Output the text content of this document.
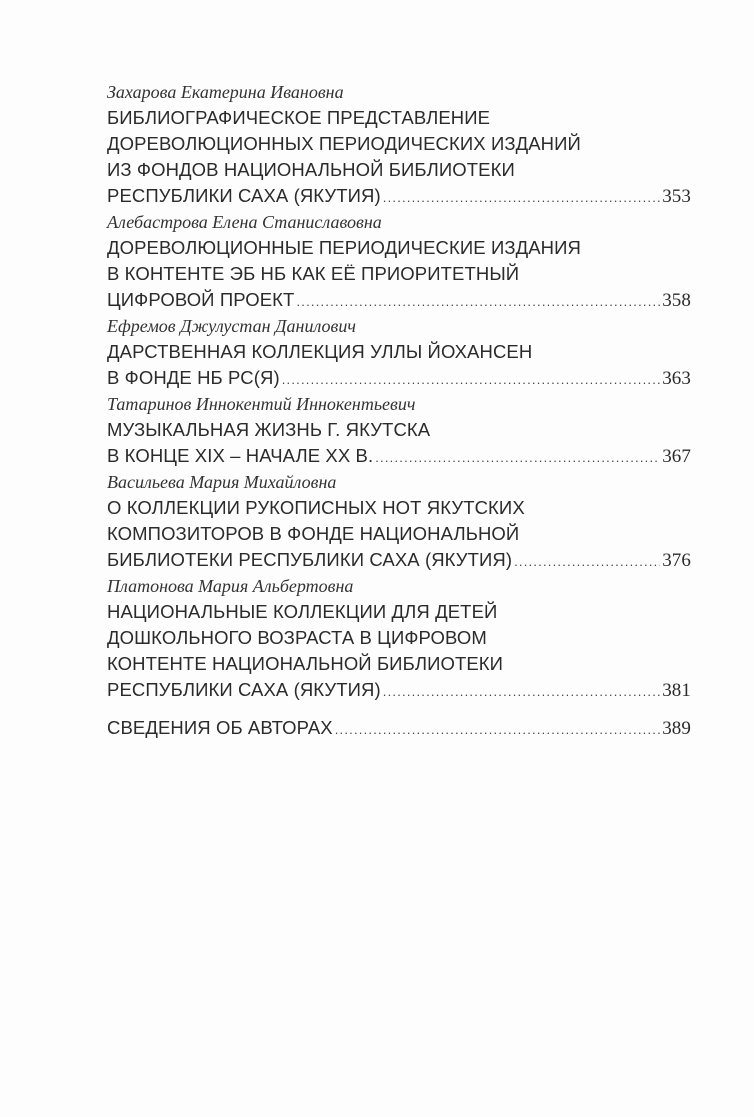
Захарова Екатерина Ивановна
БИБЛИОГРАФИЧЕСКОЕ ПРЕДСТАВЛЕНИЕ
ДОРЕВОЛЮЦИОННЫХ ПЕРИОДИЧЕСКИХ ИЗДАНИЙ
ИЗ ФОНДОВ НАЦИОНАЛЬНОЙ БИБЛИОТЕКИ
РЕСПУБЛИКИ САХА (ЯКУТИЯ) .....	353
Алебастрова Елена Станиславовна
ДОРЕВОЛЮЦИОННЫЕ ПЕРИОДИЧЕСКИЕ ИЗДАНИЯ
В КОНТЕНТЕ ЭБ НБ КАК ЕЁ ПРИОРИТЕТНЫЙ
ЦИФРОВОЙ ПРОЕКТ .....	358
Ефремов Джулустан Данилович
ДАРСТВЕННАЯ КОЛЛЕКЦИЯ УЛЛЫ ЙОХАНСЕН
В ФОНДЕ НБ РС(Я) .....	363
Татаринов Иннокентий Иннокентьевич
МУЗЫКАЛЬНАЯ ЖИЗНЬ Г. ЯКУТСКА
В КОНЦЕ XIX – НАЧАЛЕ XX В. .....	367
Васильева Мария Михайловна
О КОЛЛЕКЦИИ РУКОПИСНЫХ НОТ ЯКУТСКИХ
КОМПОЗИТОРОВ В ФОНДЕ НАЦИОНАЛЬНОЙ
БИБЛИОТЕКИ РЕСПУБЛИКИ САХА (ЯКУТИЯ) .....	376
Платонова Мария Альбертовна
НАЦИОНАЛЬНЫЕ КОЛЛЕКЦИИ ДЛЯ ДЕТЕЙ
ДОШКОЛЬНОГО ВОЗРАСТА В ЦИФРОВОМ
КОНТЕНТЕ НАЦИОНАЛЬНОЙ БИБЛИОТЕКИ
РЕСПУБЛИКИ САХА (ЯКУТИЯ) .....	381
СВЕДЕНИЯ ОБ АВТОРАХ .....	389
